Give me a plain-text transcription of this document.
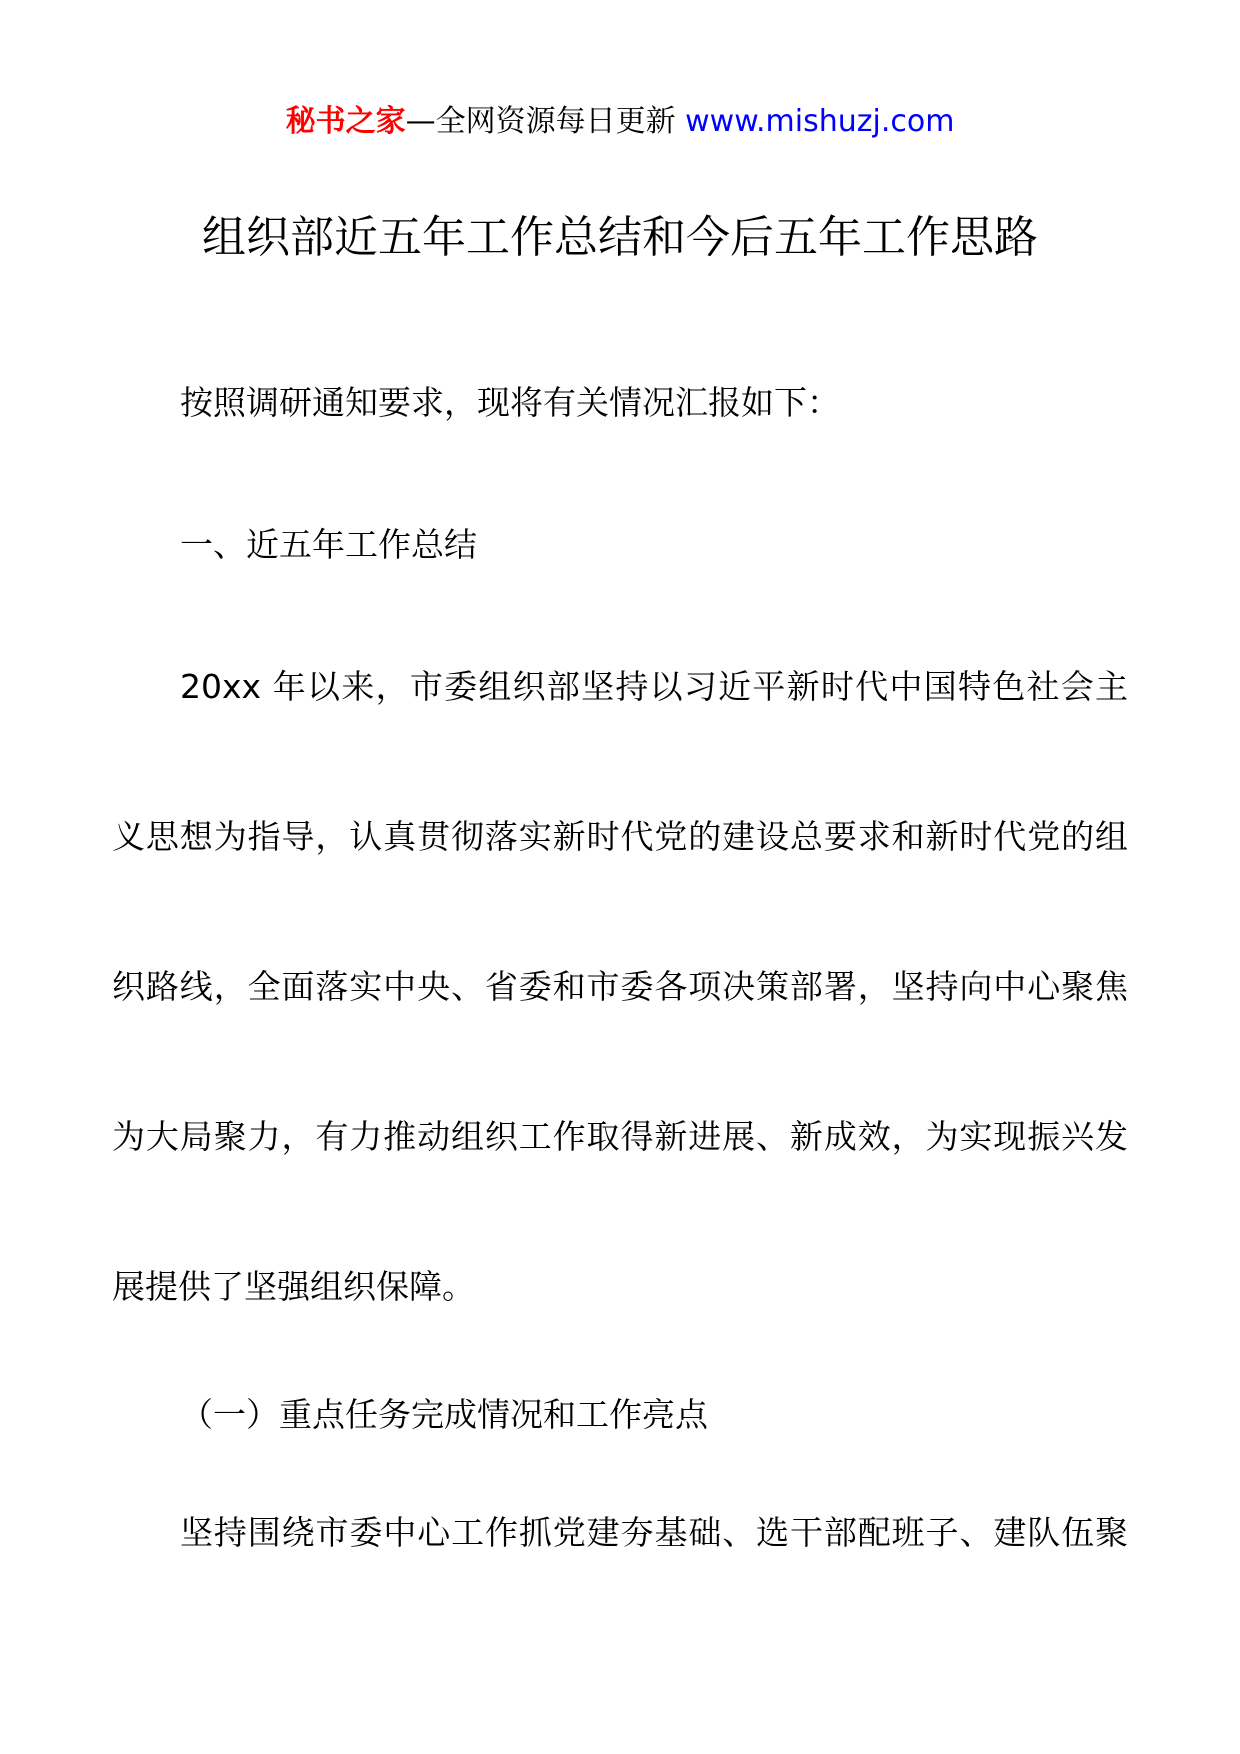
秘书之家—全网资源每日更新 www.mishuzj.com
组织部近五年工作总结和今后五年工作思路
按照调研通知要求，现将有关情况汇报如下：
一、近五年工作总结
20xx 年以来，市委组织部坚持以习近平新时代中国特色社会主
义思想为指导，认真贯彻落实新时代党的建设总要求和新时代党的组
织路线，全面落实中央、省委和市委各项决策部署，坚持向中心聚焦
为大局聚力，有力推动组织工作取得新进展、新成效，为实现振兴发
展提供了坚强组织保障。
（一）重点任务完成情况和工作亮点
坚持围绕市委中心工作抓党建夯基础、选干部配班子、建队伍聚
